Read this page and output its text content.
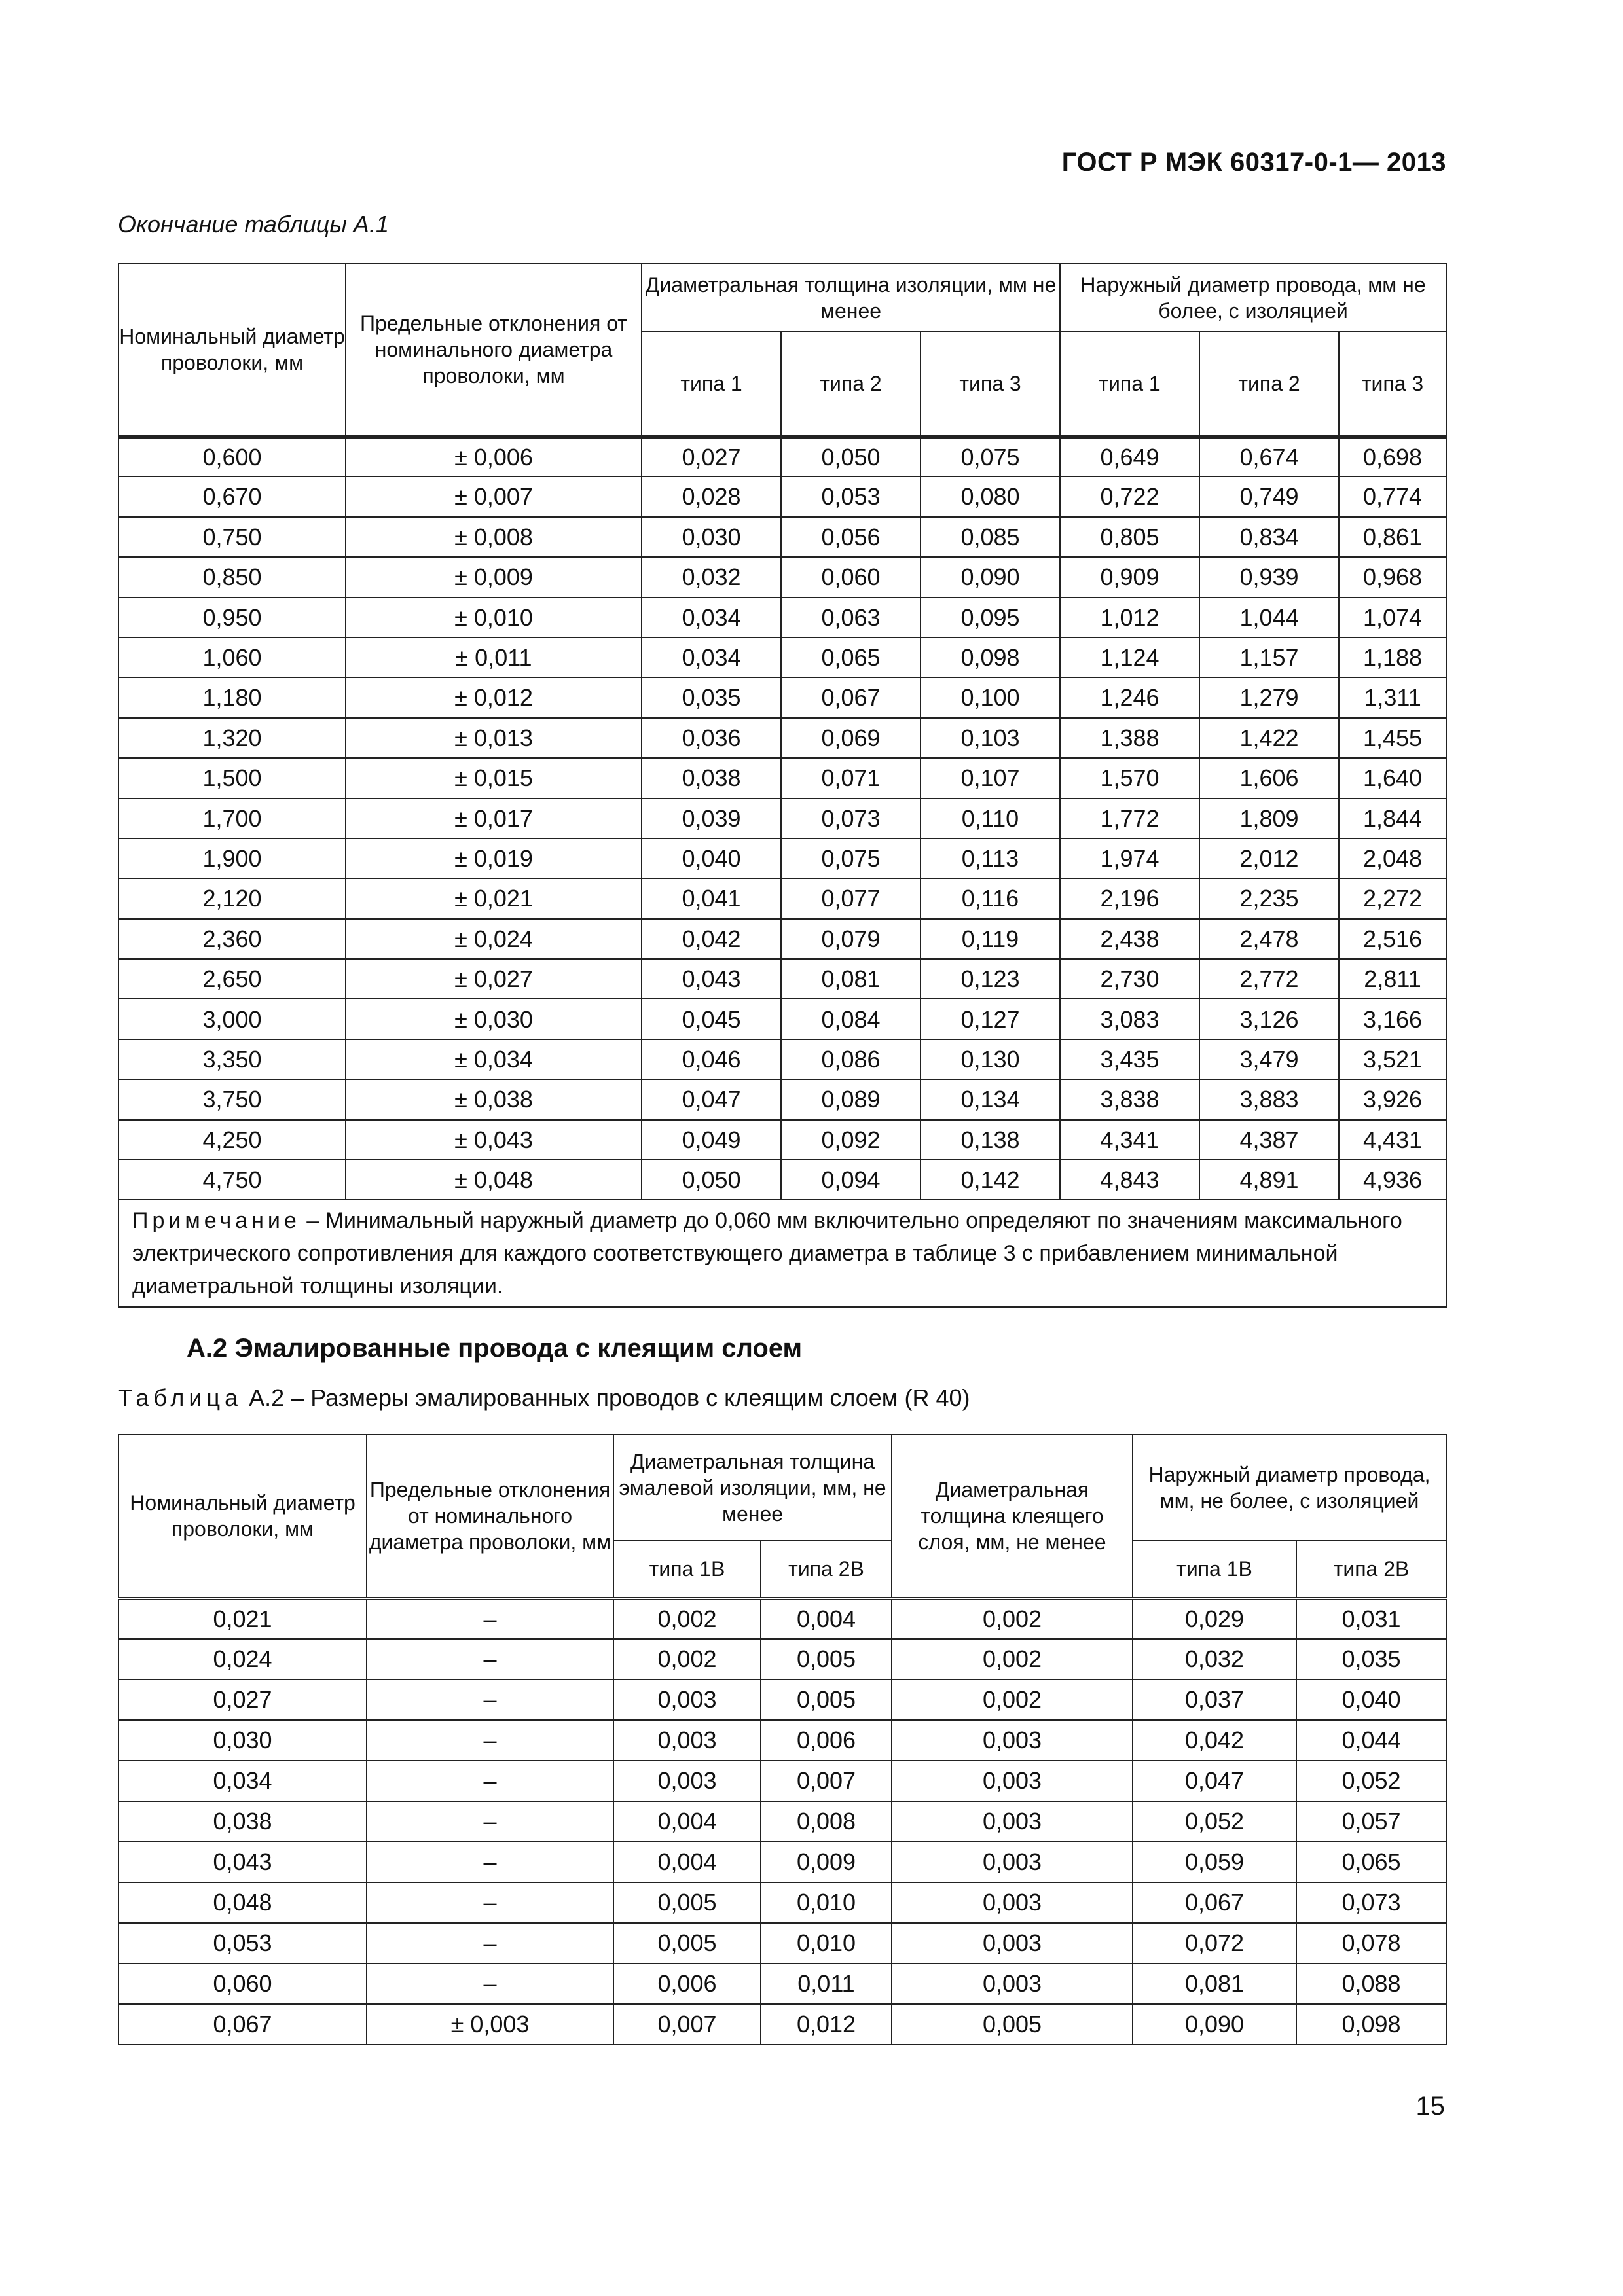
ГОСТ Р МЭК 60317-0-1— 2013
Окончание таблицы А.1
Номинальный диаметр проволоки, мм	Предельные отклонения от номинального диаметра проволоки, мм	Диаметральная толщина изоляции, мм не менее			Наружный диаметр провода, мм не более, с изоляцией		
		типа 1	типа 2	типа 3	типа 1	типа 2	типа 3
0,600	± 0,006	0,027	0,050	0,075	0,649	0,674	0,698
0,670	± 0,007	0,028	0,053	0,080	0,722	0,749	0,774
0,750	± 0,008	0,030	0,056	0,085	0,805	0,834	0,861
0,850	± 0,009	0,032	0,060	0,090	0,909	0,939	0,968
0,950	± 0,010	0,034	0,063	0,095	1,012	1,044	1,074
1,060	± 0,011	0,034	0,065	0,098	1,124	1,157	1,188
1,180	± 0,012	0,035	0,067	0,100	1,246	1,279	1,311
1,320	± 0,013	0,036	0,069	0,103	1,388	1,422	1,455
1,500	± 0,015	0,038	0,071	0,107	1,570	1,606	1,640
1,700	± 0,017	0,039	0,073	0,110	1,772	1,809	1,844
1,900	± 0,019	0,040	0,075	0,113	1,974	2,012	2,048
2,120	± 0,021	0,041	0,077	0,116	2,196	2,235	2,272
2,360	± 0,024	0,042	0,079	0,119	2,438	2,478	2,516
2,650	± 0,027	0,043	0,081	0,123	2,730	2,772	2,811
3,000	± 0,030	0,045	0,084	0,127	3,083	3,126	3,166
3,350	± 0,034	0,046	0,086	0,130	3,435	3,479	3,521
3,750	± 0,038	0,047	0,089	0,134	3,838	3,883	3,926
4,250	± 0,043	0,049	0,092	0,138	4,341	4,387	4,431
4,750	± 0,048	0,050	0,094	0,142	4,843	4,891	4,936
Примечание – Минимальный наружный диаметр до 0,060 мм включительно определяют по значениям максимального электрического сопротивления для каждого соответствующего диаметра в таблице 3 с прибавлением минимальной диаметральной толщины изоляции.							
А.2 Эмалированные провода с клеящим слоем
Таблица А.2 – Размеры эмалированных проводов с клеящим слоем (R 40)
Номинальный диаметр проволоки, мм	Предельные отклонения от номинального диаметра проволоки, мм	Диаметральная толщина эмалевой изоляции, мм, не менее		Диаметральная толщина клеящего слоя, мм, не менее	Наружный диаметр провода, мм, не более, с изоляцией	
		типа 1В	типа 2В		типа 1В	типа 2В
0,021	–	0,002	0,004	0,002	0,029	0,031
0,024	–	0,002	0,005	0,002	0,032	0,035
0,027	–	0,003	0,005	0,002	0,037	0,040
0,030	–	0,003	0,006	0,003	0,042	0,044
0,034	–	0,003	0,007	0,003	0,047	0,052
0,038	–	0,004	0,008	0,003	0,052	0,057
0,043	–	0,004	0,009	0,003	0,059	0,065
0,048	–	0,005	0,010	0,003	0,067	0,073
0,053	–	0,005	0,010	0,003	0,072	0,078
0,060	–	0,006	0,011	0,003	0,081	0,088
0,067	± 0,003	0,007	0,012	0,005	0,090	0,098
15
